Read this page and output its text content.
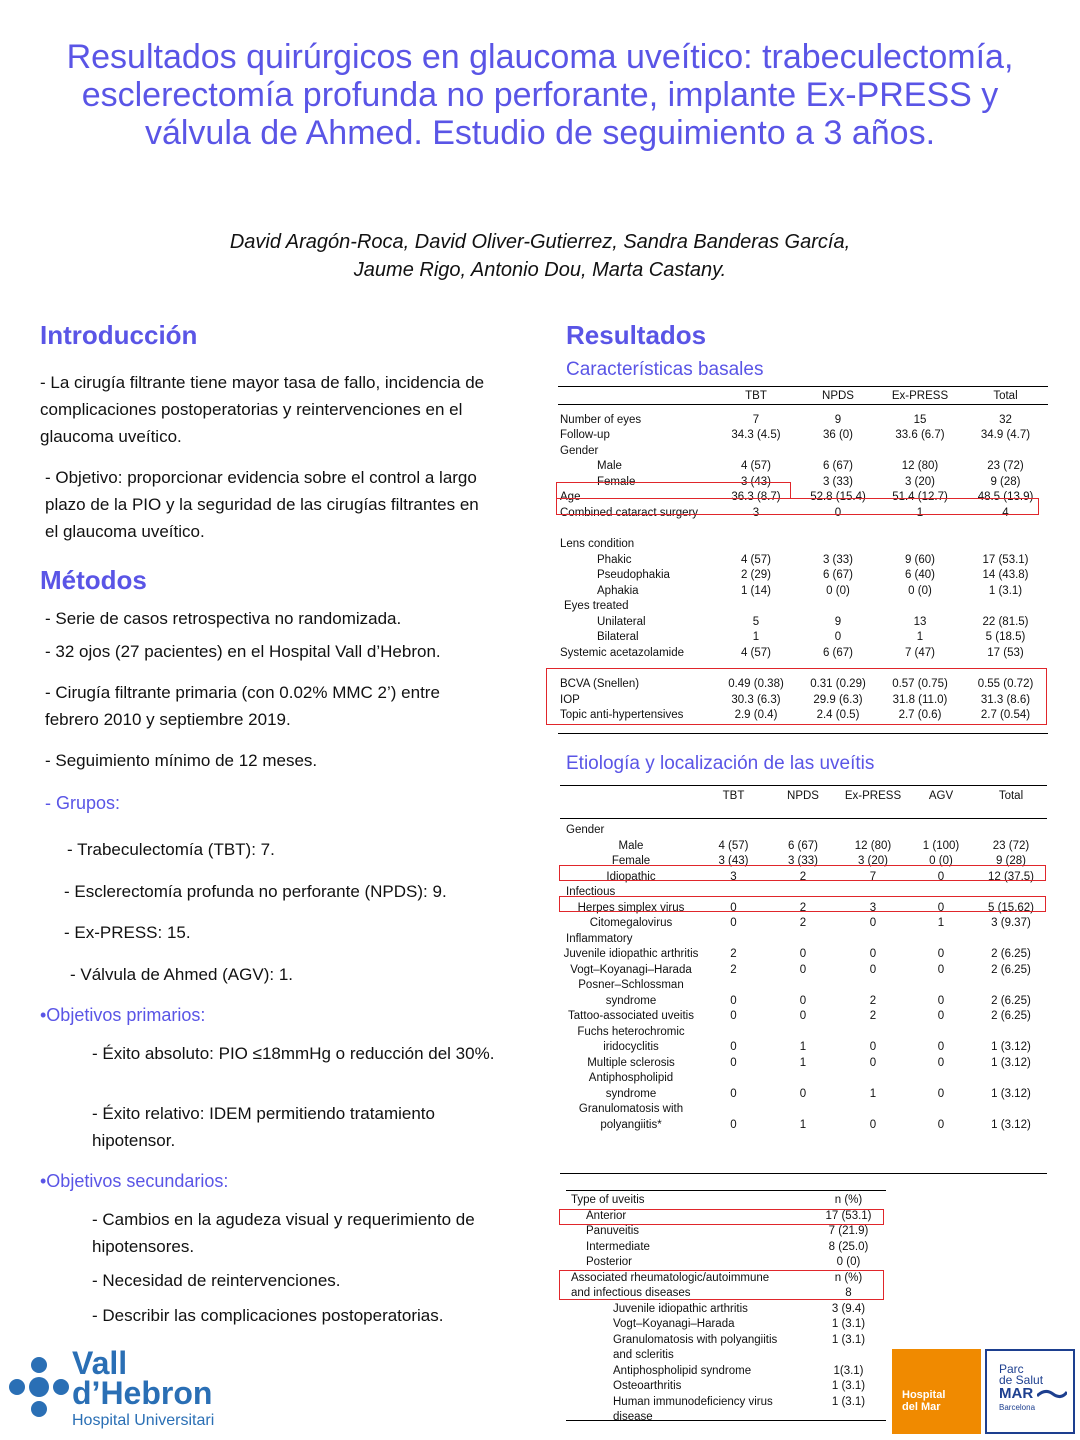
Resultados quirúrgicos en glaucoma uveítico: trabeculectomía, esclerectomía profunda no perforante, implante Ex-PRESS y válvula de Ahmed. Estudio de seguimiento a 3 años.
David Aragón-Roca, David Oliver-Gutierrez, Sandra Banderas García,
Jaume Rigo, Antonio Dou, Marta Castany.
Introducción
- La cirugía filtrante tiene mayor tasa de fallo, incidencia de complicaciones postoperatorias y reintervenciones en el glaucoma uveítico.
- Objetivo: proporcionar evidencia sobre el control a largo plazo de la PIO y la seguridad de las cirugías filtrantes en el glaucoma uveítico.
Métodos
- Serie de casos retrospectiva no randomizada.
- 32 ojos (27 pacientes) en el Hospital Vall d’Hebron.
- Cirugía filtrante primaria (con 0.02% MMC 2’) entre febrero 2010 y septiembre 2019.
- Seguimiento mínimo de 12 meses.
- Grupos:
- Trabeculectomía (TBT): 7.
- Esclerectomía profunda no perforante (NPDS): 9.
- Ex-PRESS: 15.
- Válvula de Ahmed (AGV): 1.
•Objetivos primarios:
- Éxito absoluto: PIO ≤18mmHg o reducción del 30%.
- Éxito relativo: IDEM permitiendo tratamiento hipotensor.
•Objetivos secundarios:
- Cambios en la agudeza visual y requerimiento de hipotensores.
- Necesidad de reintervenciones.
- Describir las complicaciones postoperatorias.
Resultados
Características basales
Etiología y localización de las uveítis
	TBT	NPDS	Ex-PRESS	Total

Number of eyes	7	9	15	32
Follow-up	34.3 (4.5)	36 (0)	33.6 (6.7)	34.9 (4.7)
Gender				
Male	4 (57)	6 (67)	12 (80)	23 (72)
Female	3 (43)	3 (33)	3 (20)	9 (28)
Age	36.3 (8.7)	52.8 (15.4)	51.4 (12.7)	48.5 (13.9)
Combined cataract surgery	3	0	1	4

Lens condition				
Phakic	4 (57)	3 (33)	9 (60)	17 (53.1)
Pseudophakia	2 (29)	6 (67)	6 (40)	14 (43.8)
Aphakia	1 (14)	0 (0)	0 (0)	1 (3.1)
Eyes treated				
Unilateral	5	9	13	22 (81.5)
Bilateral	1	0	1	5 (18.5)
Systemic acetazolamide	4 (57)	6 (67)	7 (47)	17 (53)

BCVA (Snellen)	0.49 (0.38)	0.31 (0.29)	0.57 (0.75)	0.55 (0.72)
IOP	30.3 (6.3)	29.9 (6.3)	31.8 (11.0)	31.3 (8.6)
Topic anti-hypertensives	2.9 (0.4)	2.4 (0.5)	2.7 (0.6)	2.7 (0.54)
	TBT	NPDS	Ex-PRESS	AGV	Total
Gender					
Male	4 (57)	6 (67)	12 (80)	1 (100)	23 (72)
Female	3 (43)	3 (33)	3 (20)	0 (0)	9 (28)
Idiopathic	3	2	7	0	12 (37.5)
Infectious					
Herpes simplex virus	0	2	3	0	5 (15.62)
Citomegalovirus	0	2	0	1	3 (9.37)
Inflammatory					
Juvenile idiopathic arthritis	2	0	0	0	2 (6.25)
Vogt–Koyanagi–Harada	2	0	0	0	2 (6.25)
Posner–Schlossman syndrome	0	0	2	0	2 (6.25)
Tattoo-associated uveitis	0	0	2	0	2 (6.25)
Fuchs heterochromic iridocyclitis	0	1	0	0	1 (3.12)
Multiple sclerosis	0	1	0	0	1 (3.12)
Antiphospholipid syndrome	0	0	1	0	1 (3.12)
Granulomatosis with polyangiitis*	0	1	0	0	1 (3.12)
Type of uveitis	n (%)
Anterior	17 (53.1)
Panuveitis	7 (21.9)
Intermediate	8 (25.0)
Posterior	0 (0)
Associated rheumatologic/autoimmune	n (%)
and infectious diseases	8
Juvenile idiopathic arthritis	3 (9.4)
Vogt–Koyanagi–Harada	1 (3.1)
Granulomatosis with polyangiitis and scleritis	1 (3.1)
Antiphospholipid syndrome	1(3.1)
Osteoarthritis	1 (3.1)
Human immunodeficiency virus disease	1 (3.1)
Vall
d’Hebron
Hospital Universitari
Hospital
del Mar
Parc
de Salut
MAR
Barcelona
